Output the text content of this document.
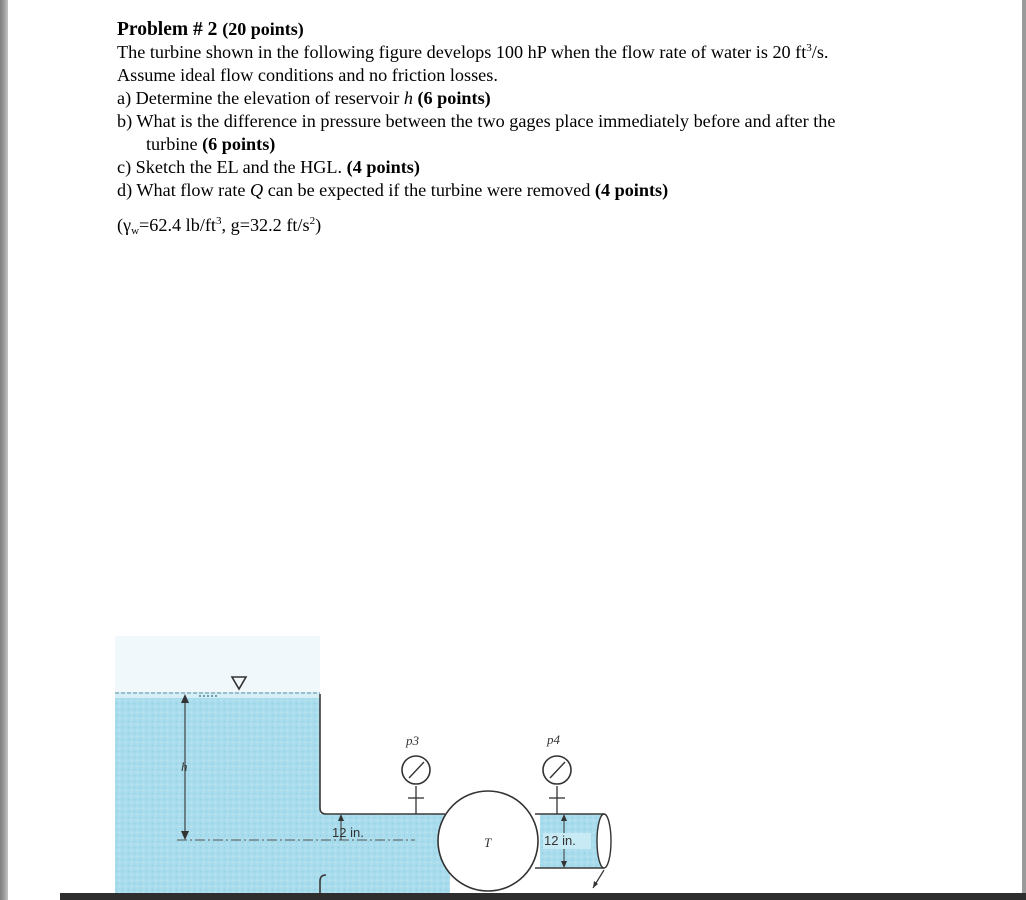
Problem # 2 (20 points)
The turbine shown in the following figure develops 100 hP when the flow rate of water is 20 $ft^3/s$.
Assume ideal flow conditions and no friction losses.
a) Determine the elevation of reservoir h (6 points)
b) What is the difference in pressure between the two gages place immediately before and after the
turbine (6 points)
c) Sketch the EL and the HGL. (4 points)
d) What flow rate Q can be expected if the turbine were removed (4 points)
($\gamma_w=62.4$ $lb/ft^3$, g=32.2 $ft/s^2$)
h
p3	p4
T
12 in.
12 in.
